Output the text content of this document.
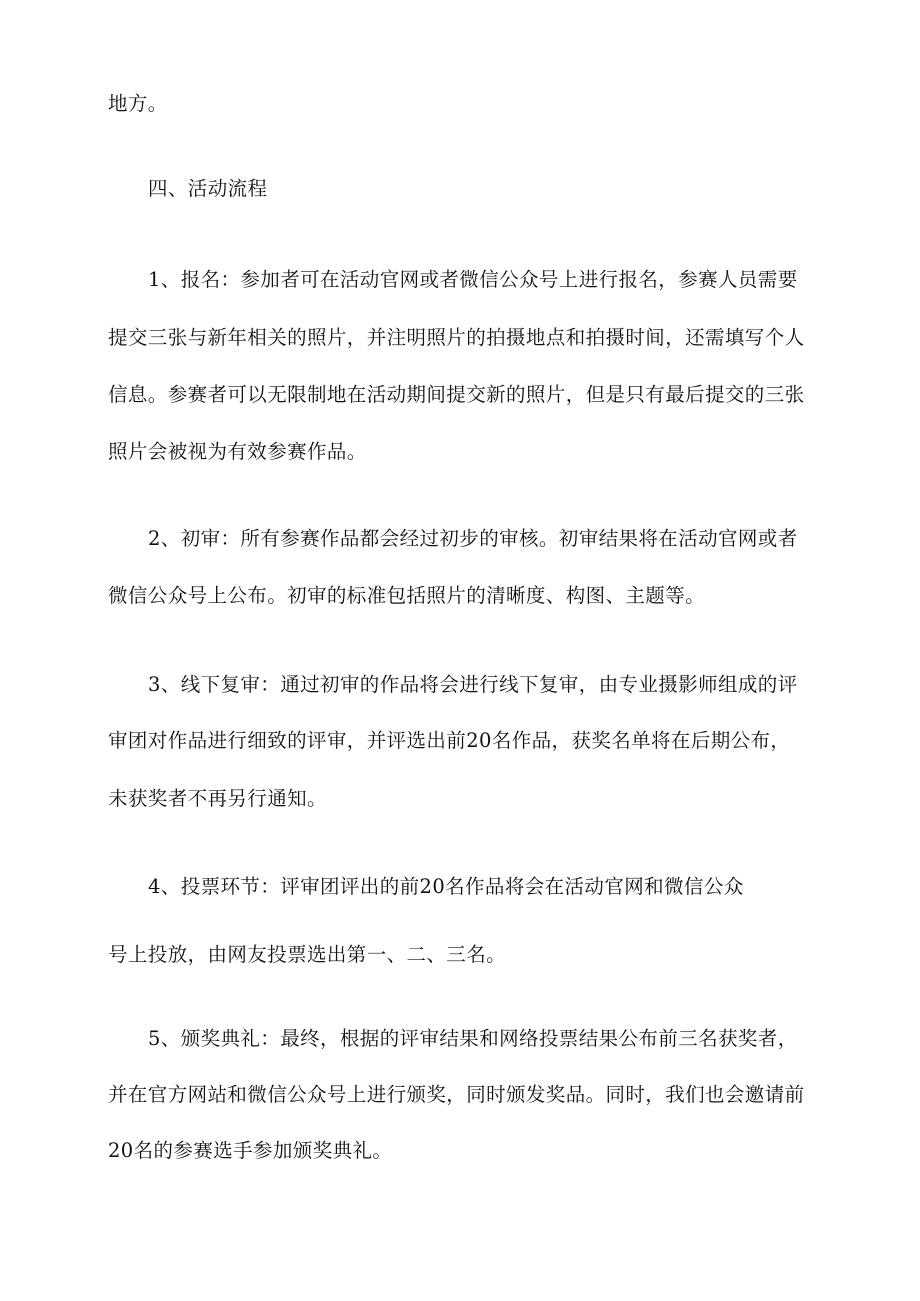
地方。
四、活动流程
1、报名：参加者可在活动官网或者微信公众号上进行报名，参赛人员需要
提交三张与新年相关的照片，并注明照片的拍摄地点和拍摄时间，还需填写个人
信息。参赛者可以无限制地在活动期间提交新的照片，但是只有最后提交的三张
照片会被视为有效参赛作品。
2、初审：所有参赛作品都会经过初步的审核。初审结果将在活动官网或者
微信公众号上公布。初审的标准包括照片的清晰度、构图、主题等。
3、线下复审：通过初审的作品将会进行线下复审，由专业摄影师组成的评
审团对作品进行细致的评审，并评选出前20名作品，获奖名单将在后期公布，
未获奖者不再另行通知。
4、投票环节：评审团评出的前20名作品将会在活动官网和微信公众
号上投放，由网友投票选出第一、二、三名。
5、颁奖典礼：最终，根据的评审结果和网络投票结果公布前三名获奖者，
并在官方网站和微信公众号上进行颁奖，同时颁发奖品。同时，我们也会邀请前
20名的参赛选手参加颁奖典礼。
